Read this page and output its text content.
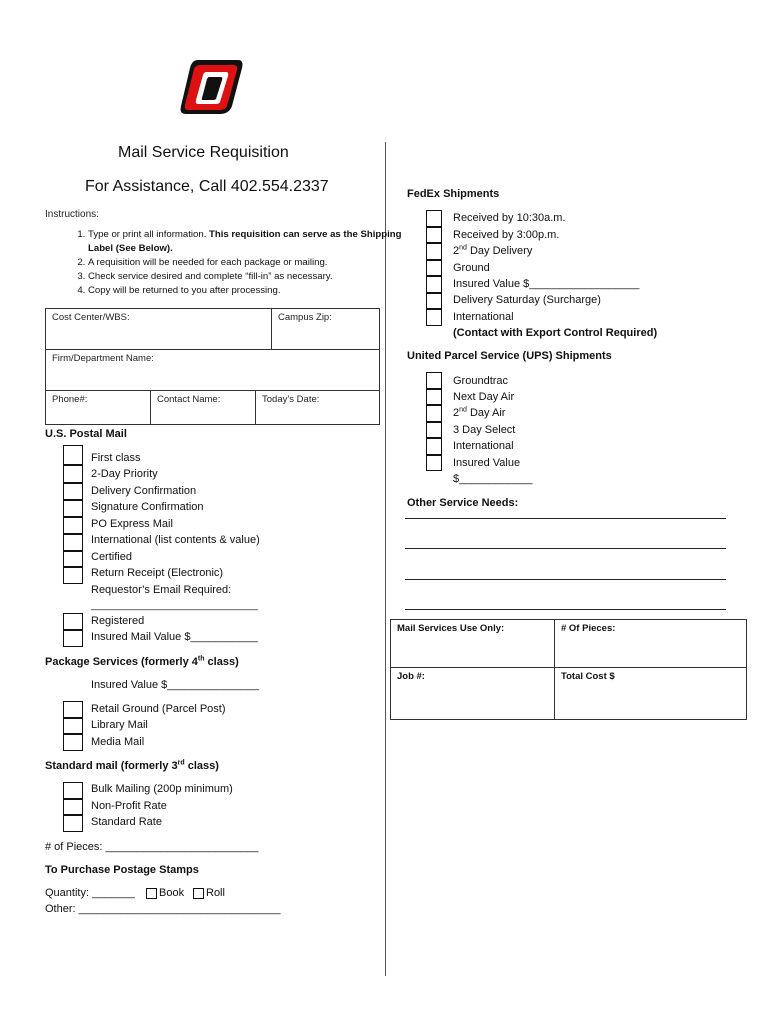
Mail Service Requisition
For Assistance, Call 402.554.2337
Instructions:
1. Type or print all information. This requisition can serve as the Shipping Label (See Below).
2. A requisition will be needed for each package or mailing.
3. Check service desired and complete “fill-in” as necessary.
4. Copy will be returned to you after processing.
Cost Center/WBS:	Campus Zip:
Firm/Department Name:
Phone#:	Contact Name:	Today’s Date:
U.S. Postal Mail
First class
2-Day Priority
Delivery Confirmation
Signature Confirmation
PO Express Mail
International (list contents & value)
Certified
Return Receipt (Electronic)
Requestor’s Email Required:
______________________________
Registered
Insured Mail Value $___________
Package Services (formerly 4th class)
Insured Value $_______________
Retail Ground (Parcel Post)
Library Mail
Media Mail
Standard mail (formerly 3rd class)
Bulk Mailing (200p minimum)
Non-Profit Rate
Standard Rate
# of Pieces: _________________________
To Purchase Postage Stamps
Quantity: _______ Book Roll
Other: _________________________________
FedEx Shipments
Received by 10:30a.m.
Received by 3:00p.m.
2nd Day Delivery
Ground
Insured Value $__________________
Delivery Saturday (Surcharge)
International
(Contact with Export Control Required)
United Parcel Service (UPS) Shipments
Groundtrac
Next Day Air
2nd Day Air
3 Day Select
International
Insured Value
$____________
Other Service Needs:
Mail Services Use Only:	# Of Pieces:
Job #:	Total Cost $
